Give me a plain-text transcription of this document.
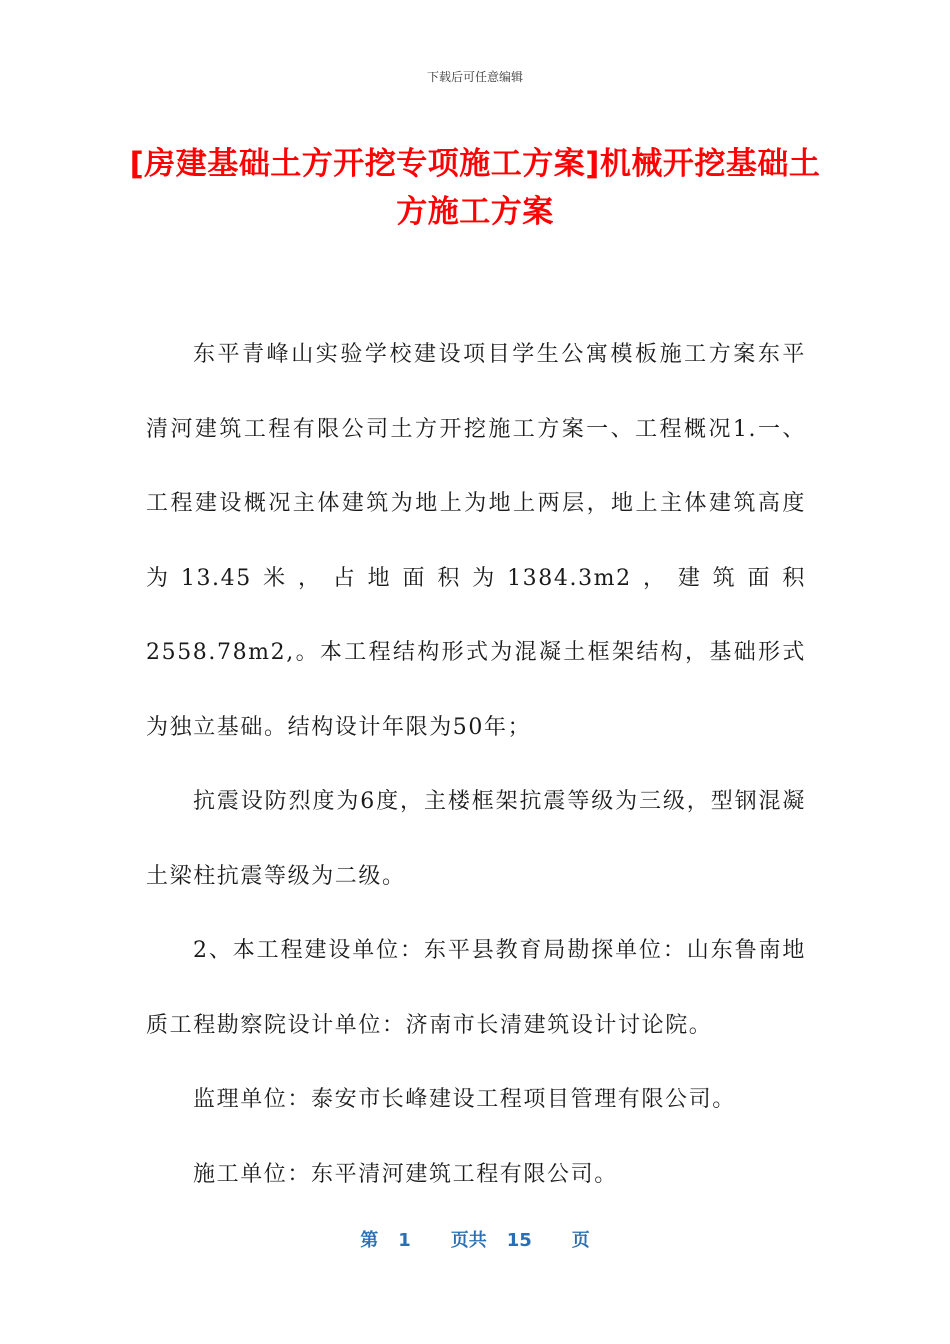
下载后可任意编辑
[房建基础土方开挖专项施工方案]机械开挖基础土方施工方案

东平青峰山实验学校建设项目学生公寓模板施工方案东平清河建筑工程有限公司土方开挖施工方案一、工程概况1.一、工程建设概况主体建筑为地上为地上两层，地上主体建筑高度为13.45米，占地面积为1384.3m2，建筑面积2558.78m2,。本工程结构形式为混凝土框架结构，基础形式为独立基础。结构设计年限为50年；

抗震设防烈度为6度，主楼框架抗震等级为三级，型钢混凝土梁柱抗震等级为二级。

2、本工程建设单位：东平县教育局勘探单位：山东鲁南地质工程勘察院设计单位：济南市长清建筑设计讨论院。

监理单位：泰安市长峰建设工程项目管理有限公司。

施工单位：东平清河建筑工程有限公司。

第 1 页共 15 页
